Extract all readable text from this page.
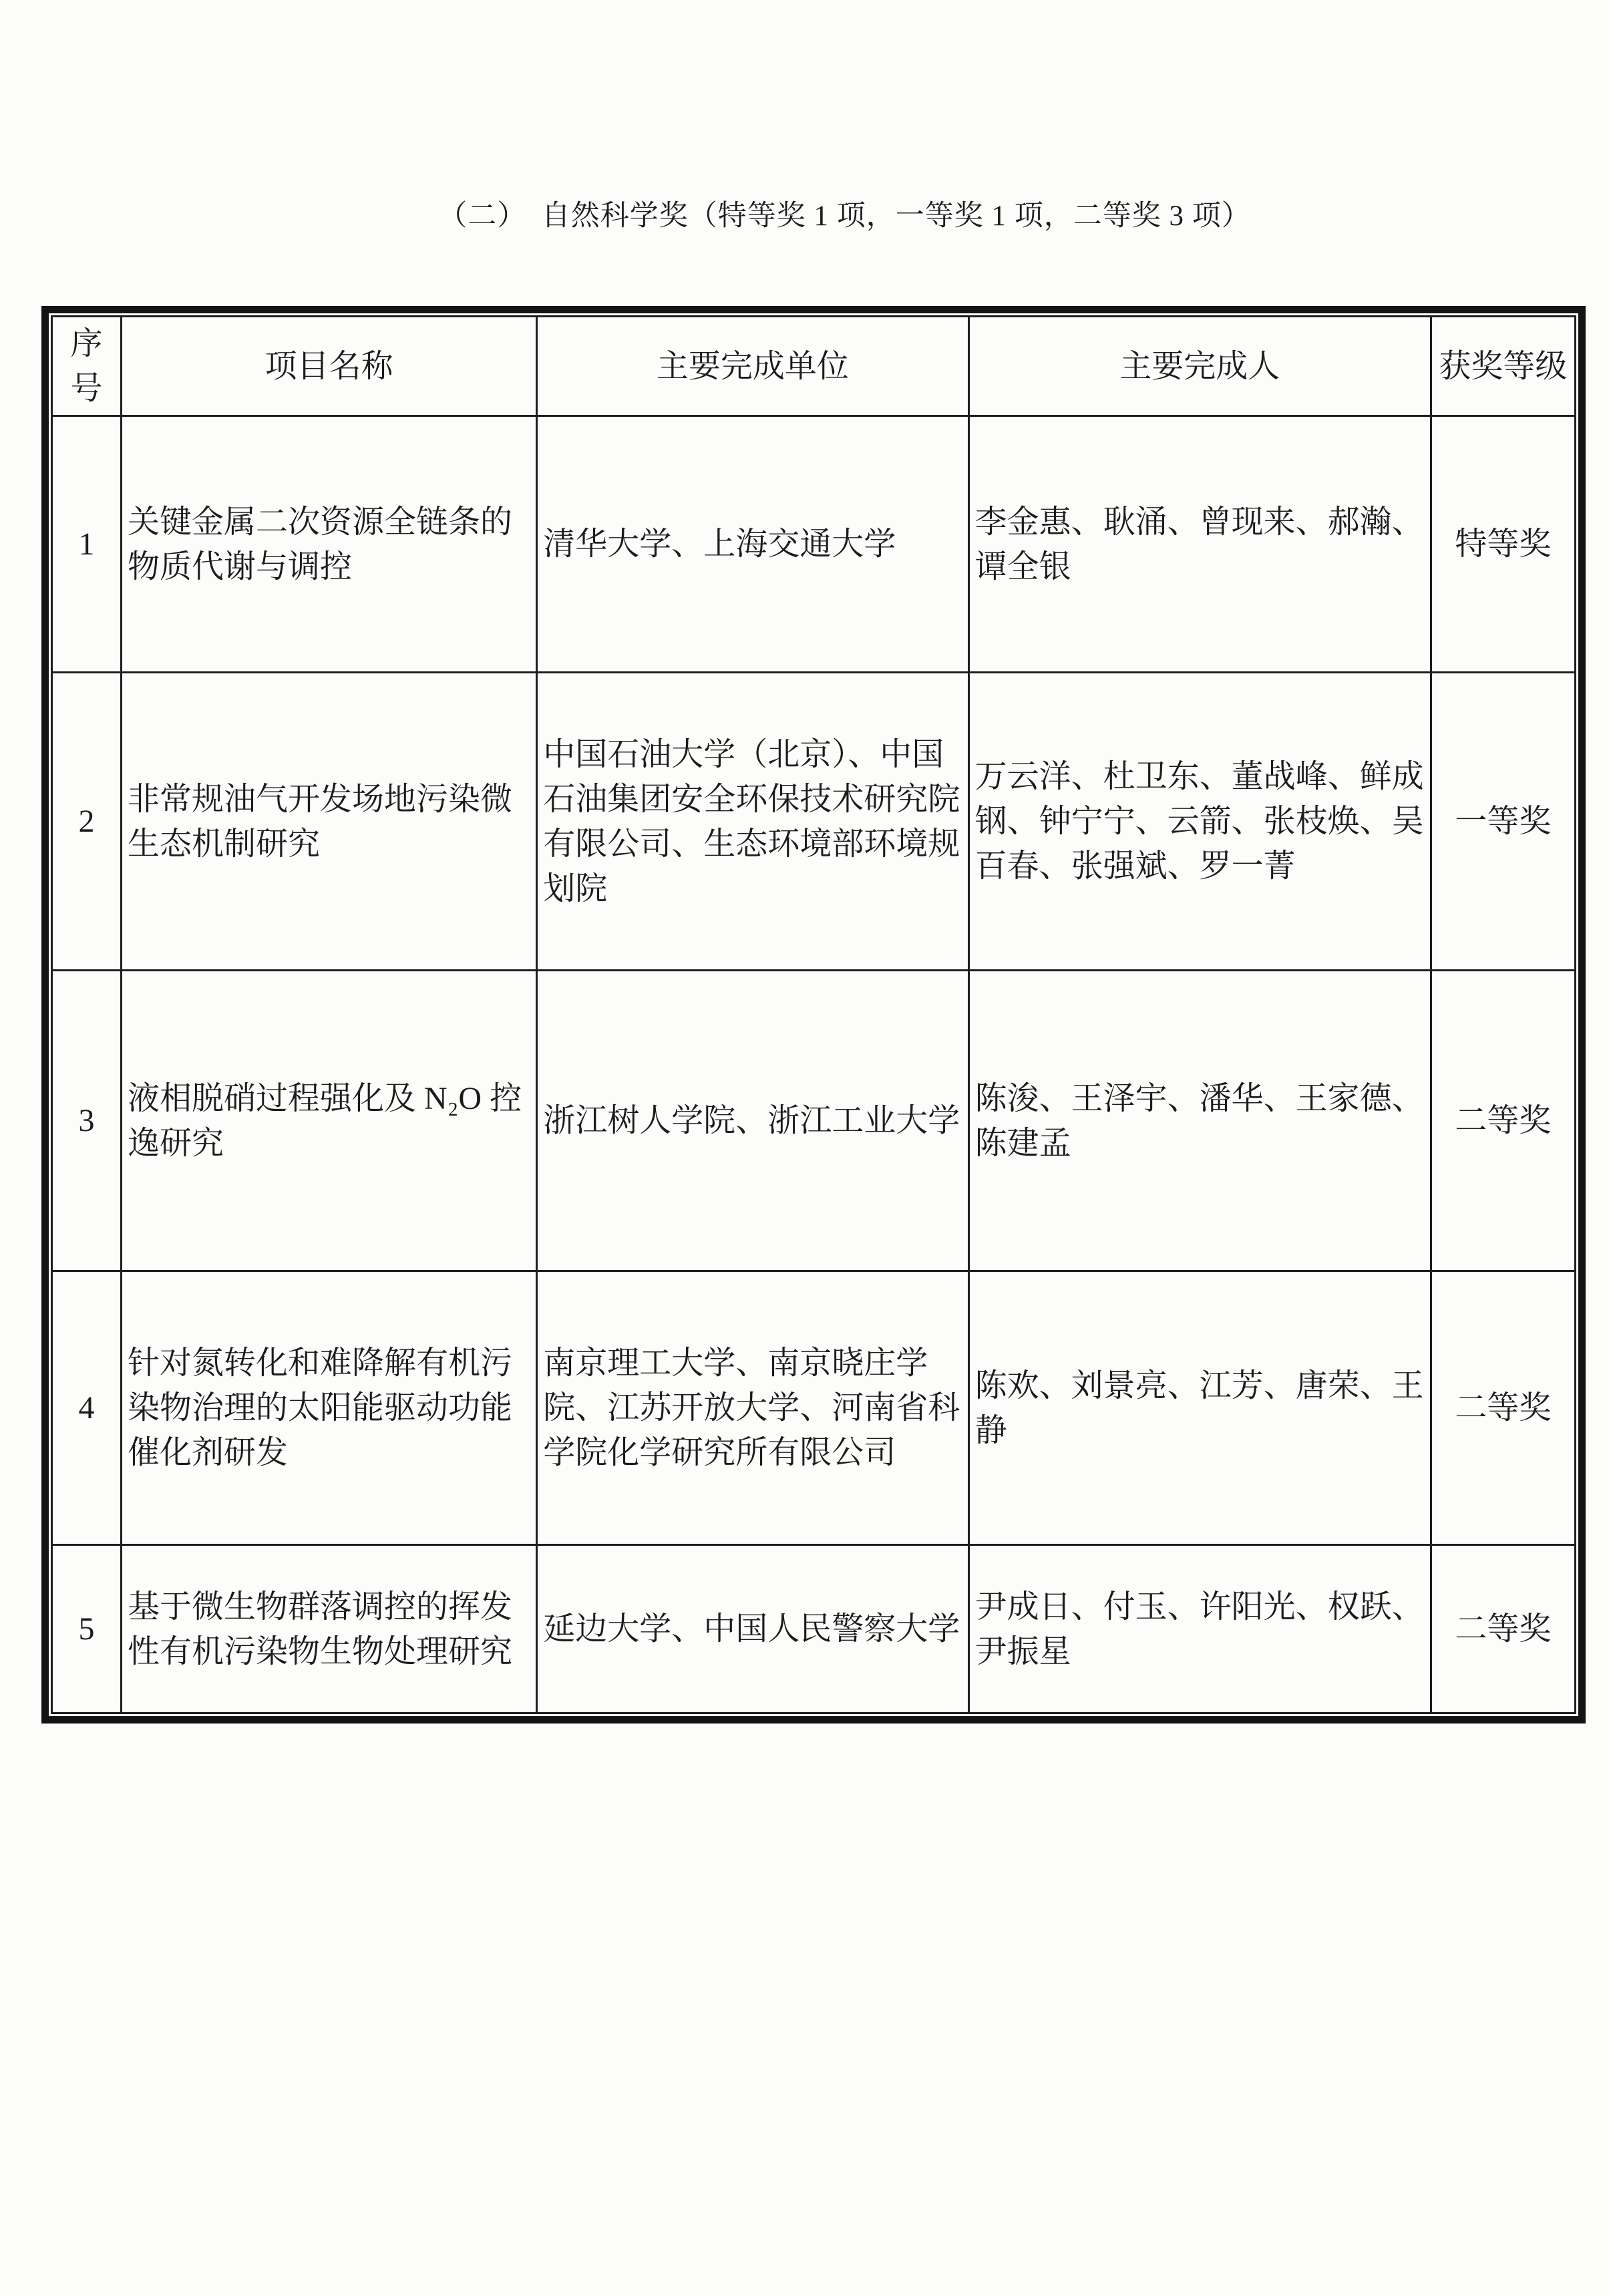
（二）　自然科学奖（特等奖 1 项，一等奖 1 项，二等奖 3 项）
序号	项目名称	主要完成单位	主要完成人	获奖等级
1	关键金属二次资源全链条的物质代谢与调控	清华大学、上海交通大学	李金惠、耿涌、曾现来、郝瀚、谭全银	特等奖
2	非常规油气开发场地污染微生态机制研究	中国石油大学（北京）、中国石油集团安全环保技术研究院有限公司、生态环境部环境规划院	万云洋、杜卫东、董战峰、鲜成钢、钟宁宁、云箭、张枝焕、吴百春、张强斌、罗一菁	一等奖
3	液相脱硝过程强化及 N₂O 控逸研究	浙江树人学院、浙江工业大学	陈浚、王泽宇、潘华、王家德、陈建孟	二等奖
4	针对氮转化和难降解有机污染物治理的太阳能驱动功能催化剂研发	南京理工大学、南京晓庄学院、江苏开放大学、河南省科学院化学研究所有限公司	陈欢、刘景亮、江芳、唐荣、王静	二等奖
5	基于微生物群落调控的挥发性有机污染物生物处理研究	延边大学、中国人民警察大学	尹成日、付玉、许阳光、权跃、尹振星	二等奖
